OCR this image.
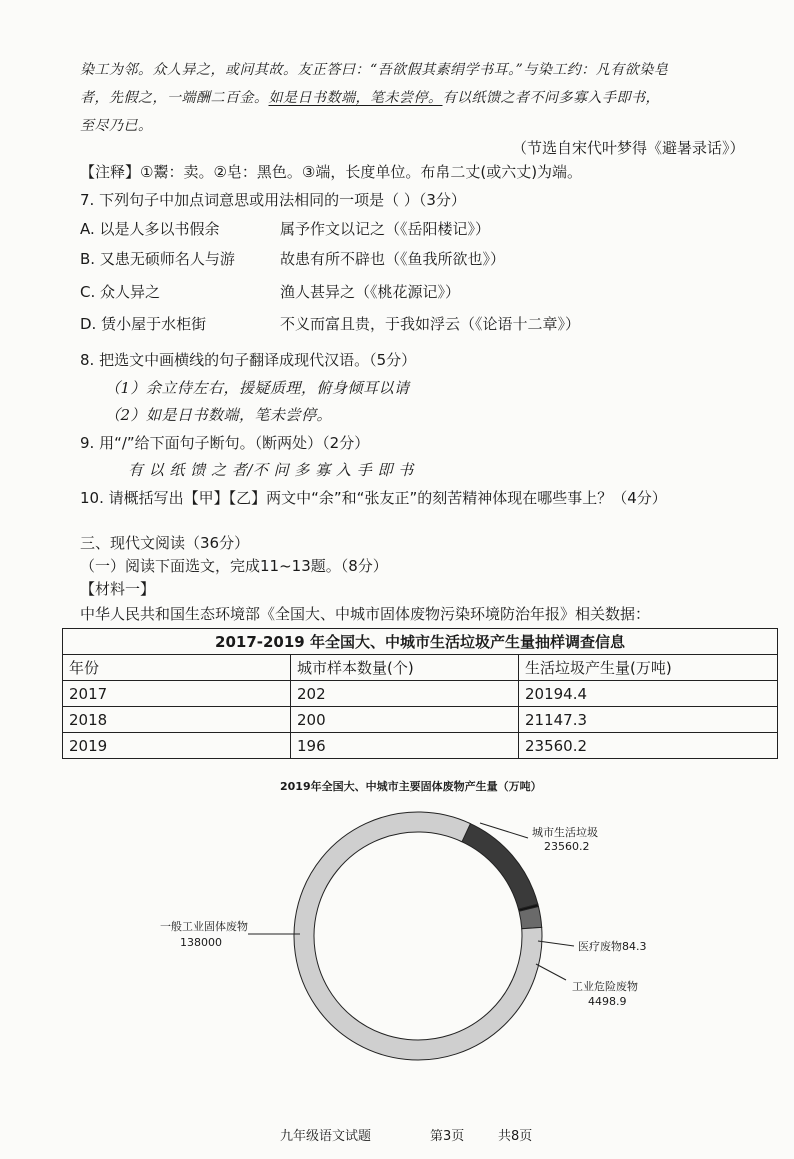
染工为邻。众人异之，或问其故。友正答曰：“吾欲假其素绢学书耳。”与染工约：凡有欲染皂
者，先假之，一端酬二百金。如是日书数端，笔未尝停。有以纸馈之者不问多寡入手即书，
至尽乃已。
（节选自宋代叶梦得《避暑录话》）
【注释】①鬻：卖。②皂：黑色。③端，长度单位。布帛二丈(或六丈)为端。
7. 下列句子中加点词意思或用法相同的一项是（ ）（3分）
A. 以是人多以书假余	属予作文以记之（《岳阳楼记》）
B. 又患无硕师名人与游	故患有所不辟也（《鱼我所欲也》）
C. 众人异之	渔人甚异之（《桃花源记》）
D. 赁小屋于水柜街	不义而富且贵，于我如浮云（《论语十二章》）
8. 把选文中画横线的句子翻译成现代汉语。（5分）
（1）余立侍左右，援疑质理，俯身倾耳以请
（2）如是日书数端，笔未尝停。
9. 用“/”给下面句子断句。（断两处）（2分）
有 以 纸 馈 之 者/不 问 多 寡 入 手 即 书
10. 请概括写出【甲】【乙】两文中“余”和“张友正”的刻苦精神体现在哪些事上？（4分）
三、现代文阅读（36分）
（一）阅读下面选文，完成11~13题。（8分）
【材料一】
中华人民共和国生态环境部《全国大、中城市固体废物污染环境防治年报》相关数据：
2017-2019 年全国大、中城市生活垃圾产生量抽样调查信息		
年份	城市样本数量(个)	生活垃圾产生量(万吨)
2017	202	20194.4
2018	200	21147.3
2019	196	23560.2
2019年全国大、中城市主要固体废物产生量（万吨）
城市生活垃圾
23560.2
一般工业固体废物
138000	医疗废物84.3
工业危险废物
4498.9
九年级语文试题	第3页	共8页
